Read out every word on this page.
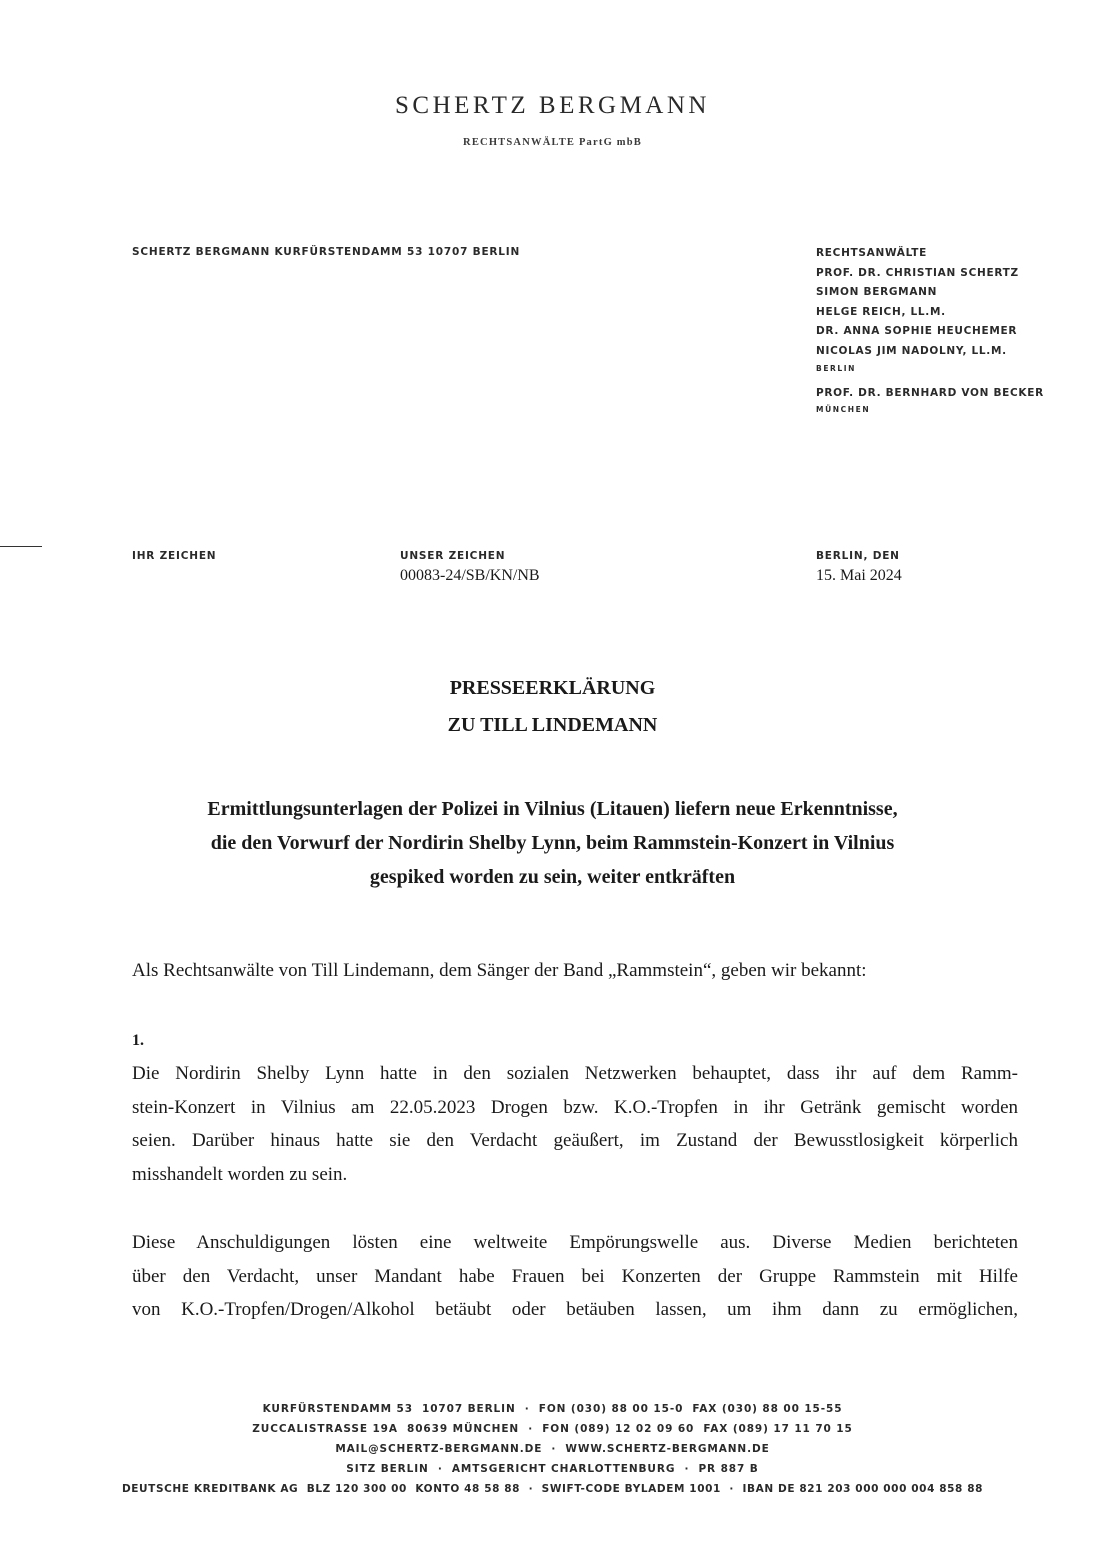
SCHERTZ BERGMANN
RECHTSANWÄLTE PartG mbB
SCHERTZ BERGMANN KURFÜRSTENDAMM 53 10707 BERLIN	RECHTSANWÄLTE
PROF. DR. CHRISTIAN SCHERTZ
SIMON BERGMANN
HELGE REICH, LL.M.
DR. ANNA SOPHIE HEUCHEMER
NICOLAS JIM NADOLNY, LL.M.
BERLIN
PROF. DR. BERNHARD VON BECKER
MÜNCHEN
IHR ZEICHEN	UNSER ZEICHEN
00083-24/SB/KN/NB
BERLIN, DEN
15. Mai 2024
PRESSEERKLÄRUNG
ZU TILL LINDEMANN
Ermittlungsunterlagen der Polizei in Vilnius (Litauen) liefern neue Erkenntnisse,
die den Vorwurf der Nordirin Shelby Lynn, beim Rammstein-Konzert in Vilnius
gespiked worden zu sein, weiter entkräften
Als Rechtsanwälte von Till Lindemann, dem Sänger der Band „Rammstein“, geben wir bekannt:
1.
Die Nordirin Shelby Lynn hatte in den sozialen Netzwerken behauptet, dass ihr auf dem Ramm-
stein-Konzert in Vilnius am 22.05.2023 Drogen bzw. K.O.-Tropfen in ihr Getränk gemischt worden
seien. Darüber hinaus hatte sie den Verdacht geäußert, im Zustand der Bewusstlosigkeit körperlich
misshandelt worden zu sein.
Diese Anschuldigungen lösten eine weltweite Empörungswelle aus. Diverse Medien berichteten
über den Verdacht, unser Mandant habe Frauen bei Konzerten der Gruppe Rammstein mit Hilfe
von K.O.-Tropfen/Drogen/Alkohol betäubt oder betäuben lassen, um ihm dann zu ermöglichen,
KURFÜRSTENDAMM 53  10707 BERLIN  ·  FON (030) 88 00 15-0  FAX (030) 88 00 15-55
ZUCCALISTRASSE 19A  80639 MÜNCHEN  ·  FON (089) 12 02 09 60  FAX (089) 17 11 70 15
MAIL@SCHERTZ-BERGMANN.DE  ·  WWW.SCHERTZ-BERGMANN.DE
SITZ BERLIN  ·  AMTSGERICHT CHARLOTTENBURG  ·  PR 887 B
DEUTSCHE KREDITBANK AG  BLZ 120 300 00  KONTO 48 58 88  ·  SWIFT-CODE BYLADEM 1001  ·  IBAN DE 821 203 000 000 004 858 88
